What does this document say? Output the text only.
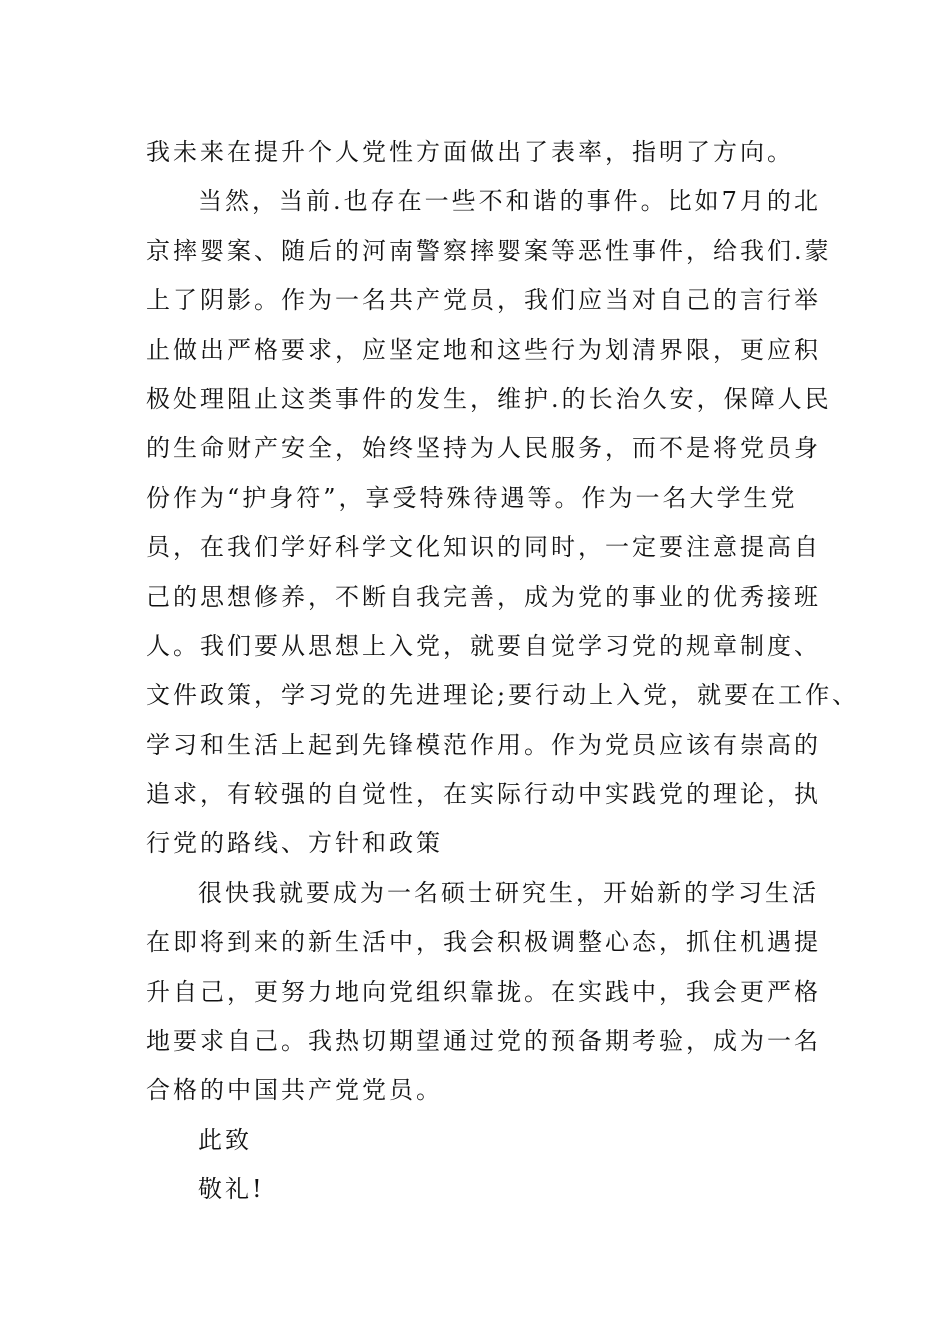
我未来在提升个人党性方面做出了表率，指明了方向。
当然，当前.也存在一些不和谐的事件。比如7月的北
京摔婴案、随后的河南警察摔婴案等恶性事件，给我们.蒙
上了阴影。作为一名共产党员，我们应当对自己的言行举
止做出严格要求，应坚定地和这些行为划清界限，更应积
极处理阻止这类事件的发生，维护.的长治久安，保障人民
的生命财产安全，始终坚持为人民服务，而不是将党员身
份作为“护身符”，享受特殊待遇等。作为一名大学生党
员，在我们学好科学文化知识的同时，一定要注意提高自
己的思想修养，不断自我完善，成为党的事业的优秀接班
人。我们要从思想上入党，就要自觉学习党的规章制度、
文件政策，学习党的先进理论;要行动上入党，就要在工作、
学习和生活上起到先锋模范作用。作为党员应该有崇高的
追求，有较强的自觉性，在实际行动中实践党的理论，执
行党的路线、方针和政策
很快我就要成为一名硕士研究生，开始新的学习生活
在即将到来的新生活中，我会积极调整心态，抓住机遇提
升自己，更努力地向党组织靠拢。在实践中，我会更严格
地要求自己。我热切期望通过党的预备期考验，成为一名
合格的中国共产党党员。
此致
敬礼!
